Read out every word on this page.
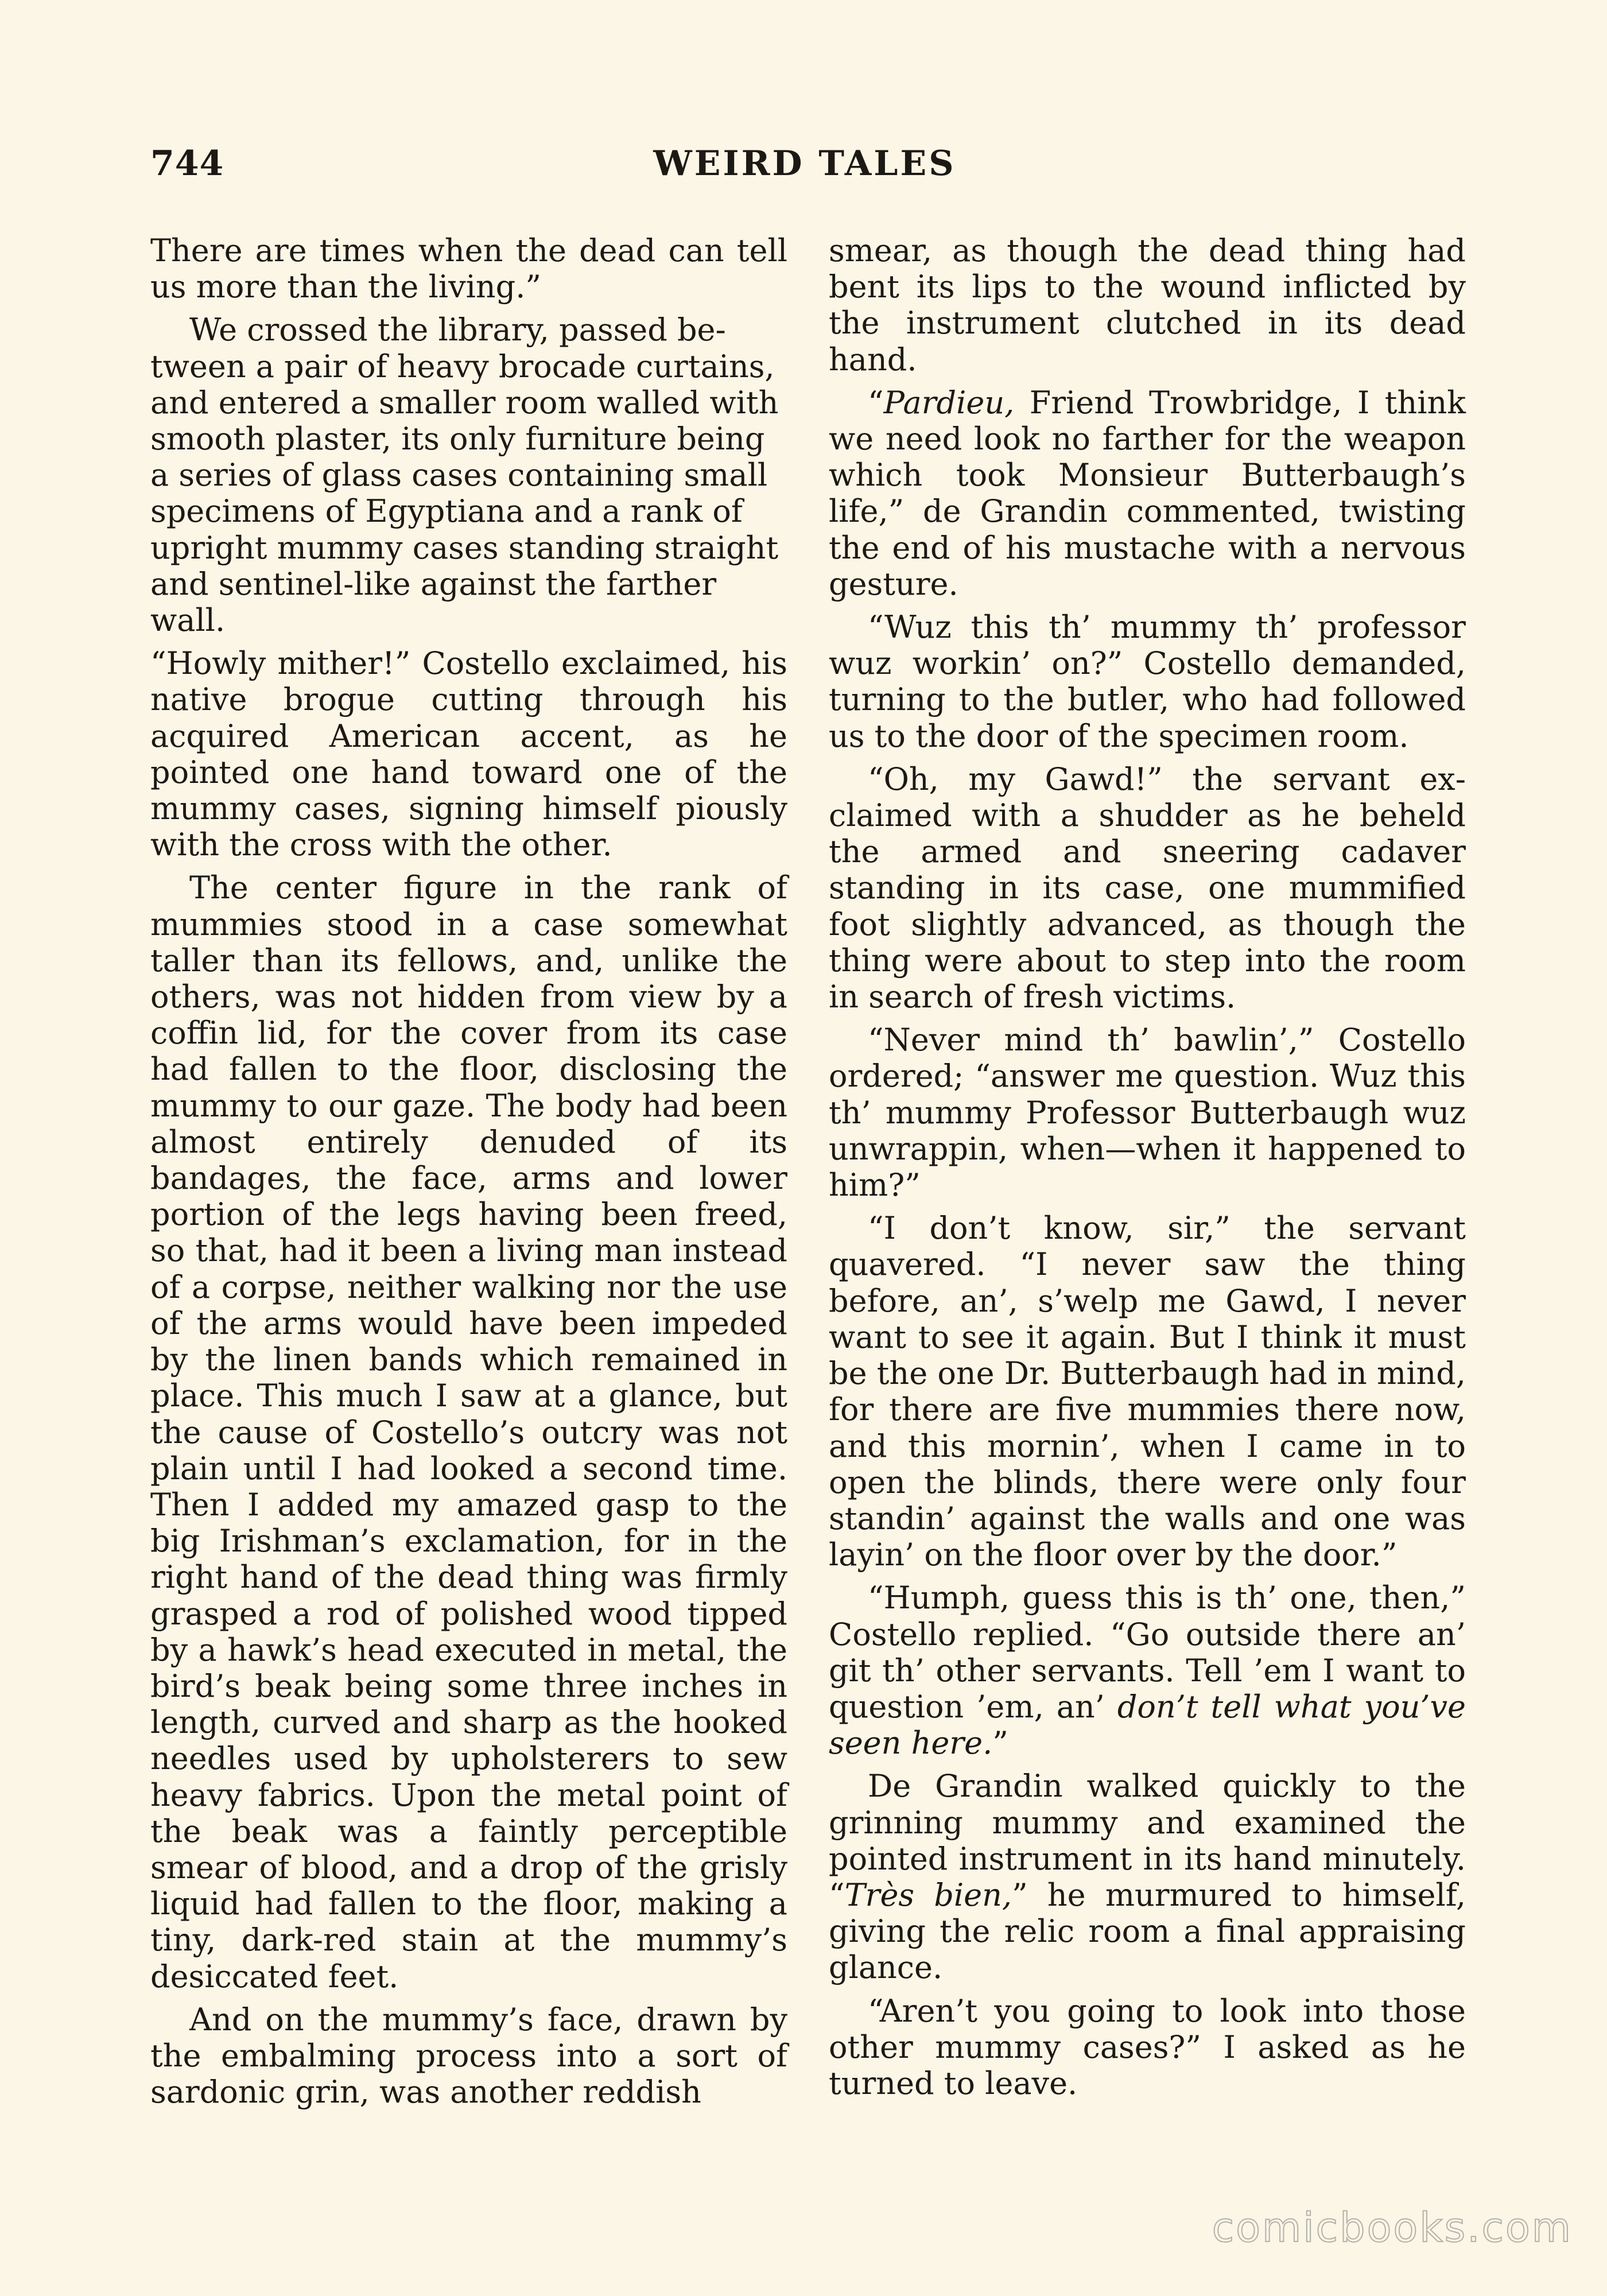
744	WEIRD TALES

There are times when the dead can tell us more than the living.”

We crossed the library, passed between a pair of heavy brocade curtains, and entered a smaller room walled with smooth plaster, its only furniture being a series of glass cases containing small specimens of Egyptiana and a rank of upright mummy cases standing straight and sentinel-like against the farther wall.

“Howly mither!” Costello exclaimed, his native brogue cutting through his acquired American accent, as he pointed one hand toward one of the mummy cases, signing himself piously with the cross with the other.

The center figure in the rank of mummies stood in a case somewhat taller than its fellows, and, unlike the others, was not hidden from view by a coffin lid, for the cover from its case had fallen to the floor, disclosing the mummy to our gaze. The body had been almost entirely denuded of its bandages, the face, arms and lower portion of the legs having been freed, so that, had it been a living man instead of a corpse, neither walking nor the use of the arms would have been impeded by the linen bands which remained in place. This much I saw at a glance, but the cause of Costello’s outcry was not plain until I had looked a second time. Then I added my amazed gasp to the big Irishman’s exclamation, for in the right hand of the dead thing was firmly grasped a rod of polished wood tipped by a hawk’s head executed in metal, the bird’s beak being some three inches in length, curved and sharp as the hooked needles used by upholsterers to sew heavy fabrics. Upon the metal point of the beak was a faintly perceptible smear of blood, and a drop of the grisly liquid had fallen to the floor, making a tiny, dark-red stain at the mummy’s desiccated feet.

And on the mummy’s face, drawn by the embalming process into a sort of sardonic grin, was another reddish

smear, as though the dead thing had bent its lips to the wound inflicted by the instrument clutched in its dead hand.

“Pardieu, Friend Trowbridge, I think we need look no farther for the weapon which took Monsieur Butterbaugh’s life,” de Grandin commented, twisting the end of his mustache with a nervous gesture.

“Wuz this th’ mummy th’ professor wuz workin’ on?” Costello demanded, turning to the butler, who had followed us to the door of the specimen room.

“Oh, my Gawd!” the servant exclaimed with a shudder as he beheld the armed and sneering cadaver standing in its case, one mummified foot slightly advanced, as though the thing were about to step into the room in search of fresh victims.

“Never mind th’ bawlin’,” Costello ordered; “answer me question. Wuz this th’ mummy Professor Butterbaugh wuz unwrappin, when—when it happened to him?”

“I don’t know, sir,” the servant quavered. “I never saw the thing before, an’, s’welp me Gawd, I never want to see it again. But I think it must be the one Dr. Butterbaugh had in mind, for there are five mummies there now, and this mornin’, when I came in to open the blinds, there were only four standin’ against the walls and one was layin’ on the floor over by the door.”

“Humph, guess this is th’ one, then,” Costello replied. “Go outside there an’ git th’ other servants. Tell ’em I want to question ’em, an’ don’t tell what you’ve seen here.”

De Grandin walked quickly to the grinning mummy and examined the pointed instrument in its hand minutely. “Très bien,” he murmured to himself, giving the relic room a final appraising glance.

“Aren’t you going to look into those other mummy cases?” I asked as he turned to leave.

comicbooks.com
